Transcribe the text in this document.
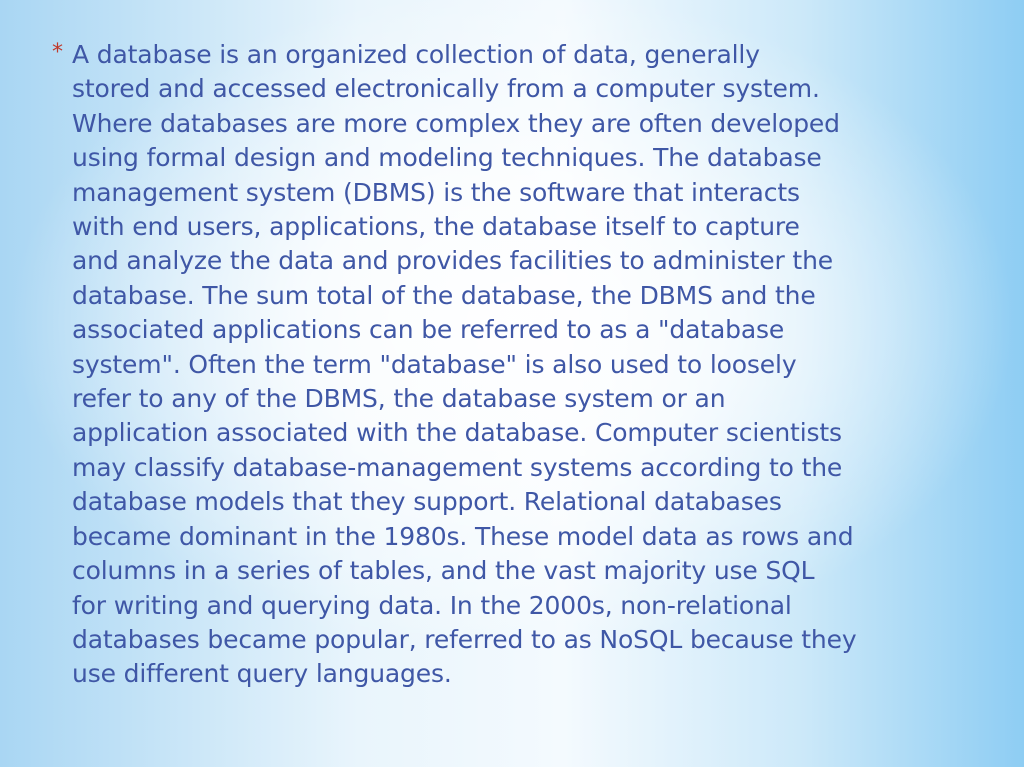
* A database is an organized collection of data, generally
stored and accessed electronically from a computer system.
Where databases are more complex they are often developed
using formal design and modeling techniques. The database
management system (DBMS) is the software that interacts
with end users, applications, the database itself to capture
and analyze the data and provides facilities to administer the
database. The sum total of the database, the DBMS and the
associated applications can be referred to as a "database
system". Often the term "database" is also used to loosely
refer to any of the DBMS, the database system or an
application associated with the database. Computer scientists
may classify database-management systems according to the
database models that they support. Relational databases
became dominant in the 1980s. These model data as rows and
columns in a series of tables, and the vast majority use SQL
for writing and querying data. In the 2000s, non-relational
databases became popular, referred to as NoSQL because they
use different query languages.
